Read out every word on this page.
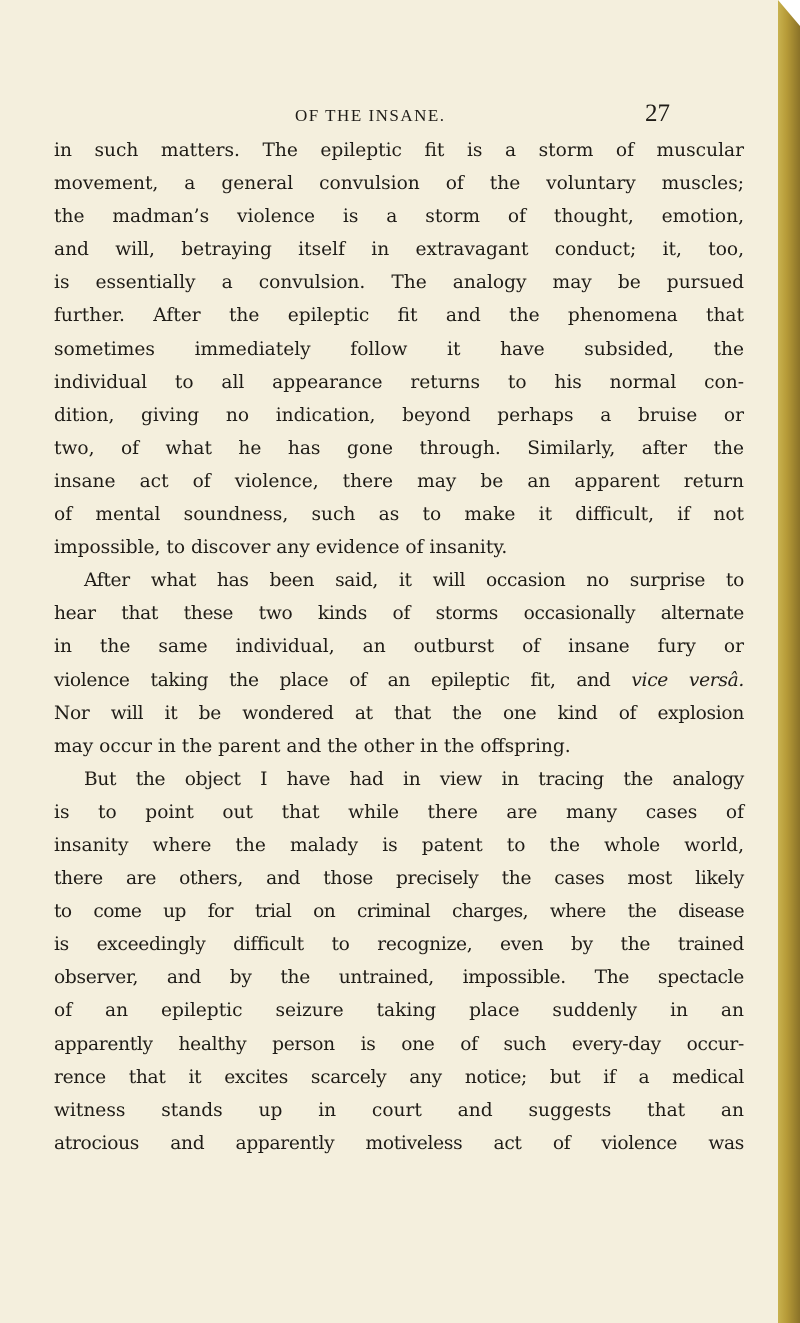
OF THE INSANE.	27
in such matters. The epileptic fit is a storm of muscular
movement, a general convulsion of the voluntary muscles;
the madman’s violence is a storm of thought, emotion,
and will, betraying itself in extravagant conduct; it, too,
is essentially a convulsion. The analogy may be pursued
further. After the epileptic fit and the phenomena that
sometimes immediately follow it have subsided, the
individual to all appearance returns to his normal con-
dition, giving no indication, beyond perhaps a bruise or
two, of what he has gone through. Similarly, after the
insane act of violence, there may be an apparent return
of mental soundness, such as to make it difficult, if not
impossible, to discover any evidence of insanity.
After what has been said, it will occasion no surprise to
hear that these two kinds of storms occasionally alternate
in the same individual, an outburst of insane fury or
violence taking the place of an epileptic fit, and vice versâ.
Nor will it be wondered at that the one kind of explosion
may occur in the parent and the other in the offspring.
But the object I have had in view in tracing the analogy
is to point out that while there are many cases of
insanity where the malady is patent to the whole world,
there are others, and those precisely the cases most likely
to come up for trial on criminal charges, where the disease
is exceedingly difficult to recognize, even by the trained
observer, and by the untrained, impossible. The spectacle
of an epileptic seizure taking place suddenly in an
apparently healthy person is one of such every-day occur-
rence that it excites scarcely any notice; but if a medical
witness stands up in court and suggests that an
atrocious and apparently motiveless act of violence was
